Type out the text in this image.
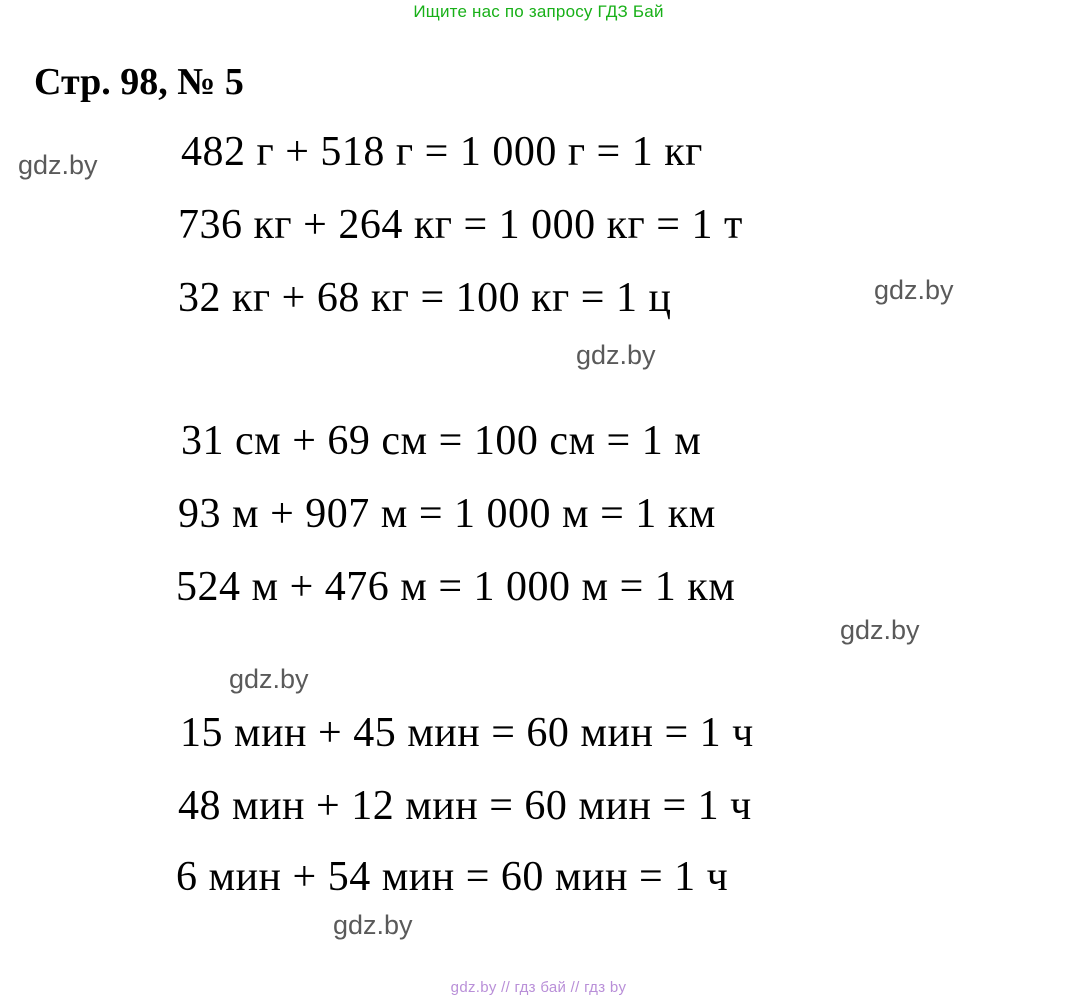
Ищите нас по запросу ГДЗ Бай
Стр. 98, № 5
482 г + 518 г = 1 000 г = 1 кг
736 кг + 264 кг = 1 000 кг = 1 т
32 кг + 68 кг = 100 кг = 1 ц
31 см + 69 см = 100 см = 1 м
93 м + 907 м = 1 000 м = 1 км
524 м + 476 м = 1 000 м = 1 км
15 мин + 45 мин = 60 мин = 1 ч
48 мин + 12 мин = 60 мин = 1 ч
6 мин + 54 мин = 60 мин = 1 ч
gdz.by
gdz.by
gdz.by
gdz.by
gdz.by
gdz.by
gdz.by // гдз бай // гдз by
